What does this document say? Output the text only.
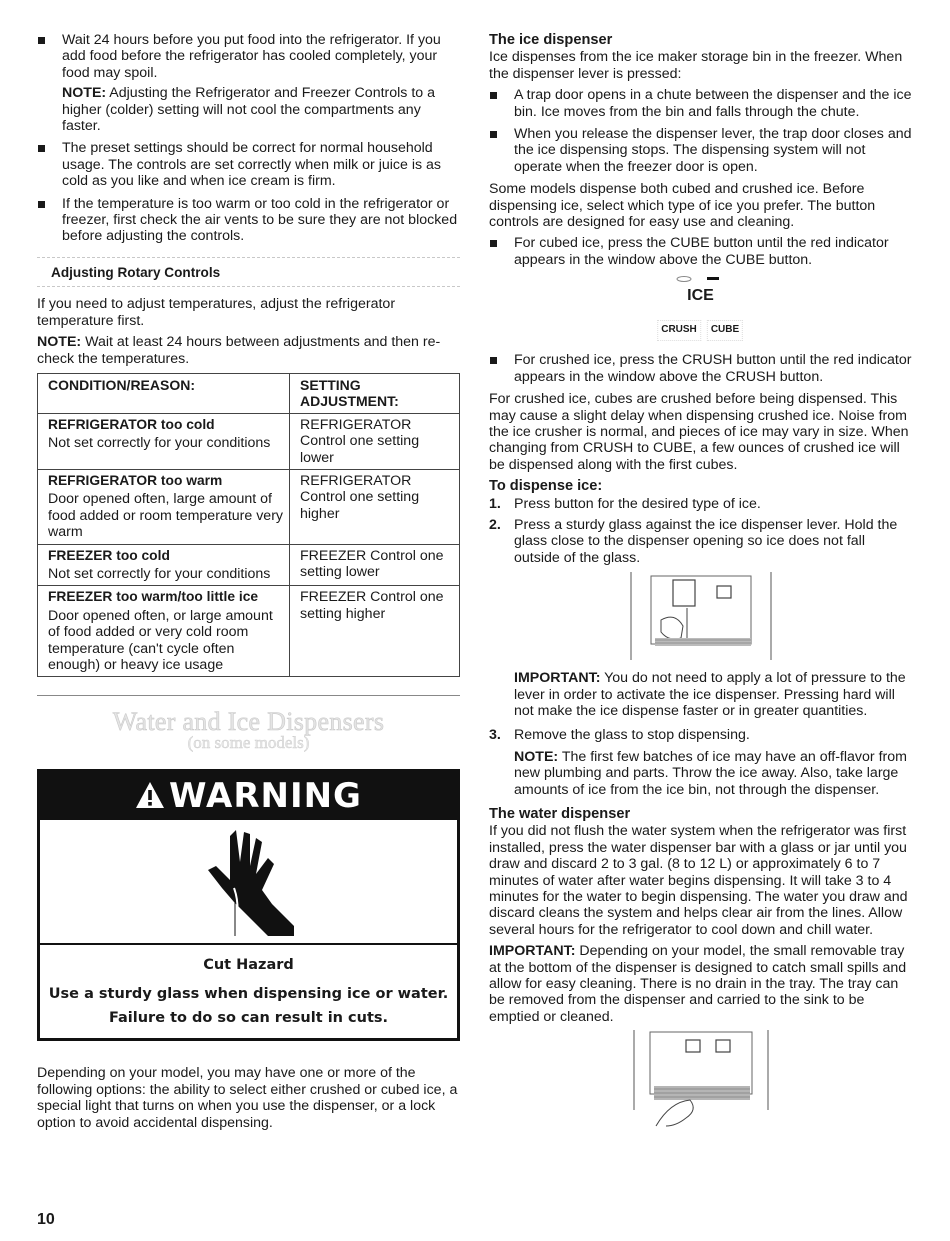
Wait 24 hours before you put food into the refrigerator. If you add food before the refrigerator has cooled completely, your food may spoil.

NOTE: Adjusting the Refrigerator and Freezer Controls to a higher (colder) setting will not cool the compartments any faster.

The preset settings should be correct for normal household usage. The controls are set correctly when milk or juice is as cold as you like and when ice cream is firm.
If the temperature is too warm or too cold in the refrigerator or freezer, first check the air vents to be sure they are not blocked before adjusting the controls.
Adjusting Rotary Controls

If you need to adjust temperatures, adjust the refrigerator temperature first.

NOTE: Wait at least 24 hours between adjustments and then re-check the temperatures.

CONDITION/REASON:	SETTING ADJUSTMENT:

REFRIGERATOR too cold
Not set correctly for your conditions	REFRIGERATOR Control one setting lower

REFRIGERATOR too warm
Door opened often, large amount of food added or room temperature very warm	REFRIGERATOR Control one setting higher

FREEZER too cold
Not set correctly for your conditions	FREEZER Control one setting lower

FREEZER too warm/too little ice
Door opened often, or large amount of food added or very cold room temperature (can't cycle often enough) or heavy ice usage	FREEZER Control one setting higher
Water and Ice Dispensers
(on some models)
WARNING
Cut Hazard
Use a sturdy glass when dispensing ice or water.
Failure to do so can result in cuts.

Depending on your model, you may have one or more of the following options: the ability to select either crushed or cubed ice, a special light that turns on when you use the dispenser, or a lock option to avoid accidental dispensing.

The ice dispenser

Ice dispenses from the ice maker storage bin in the freezer. When the dispenser lever is pressed:

A trap door opens in a chute between the dispenser and the ice bin. Ice moves from the bin and falls through the chute.
When you release the dispenser lever, the trap door closes and the ice dispensing stops. The dispensing system will not operate when the freezer door is open.

Some models dispense both cubed and crushed ice. Before dispensing ice, select which type of ice you prefer. The button controls are designed for easy use and cleaning.

For cubed ice, press the CUBE button until the red indicator appears in the window above the CUBE button.
ICE
CRUSH	CUBE
For crushed ice, press the CRUSH button until the red indicator appears in the window above the CRUSH button.

For crushed ice, cubes are crushed before being dispensed. This may cause a slight delay when dispensing crushed ice. Noise from the ice crusher is normal, and pieces of ice may vary in size. When changing from CRUSH to CUBE, a few ounces of crushed ice will be dispensed along with the first cubes.

To dispense ice:
1. Press button for the desired type of ice.
2. Press a sturdy glass against the ice dispenser lever. Hold the glass close to the dispenser opening so ice does not fall outside of the glass.

IMPORTANT: You do not need to apply a lot of pressure to the lever in order to activate the ice dispenser. Pressing hard will not make the ice dispense faster or in greater quantities.

3. Remove the glass to stop dispensing.

NOTE: The first few batches of ice may have an off-flavor from new plumbing and parts. Throw the ice away. Also, take large amounts of ice from the ice bin, not through the dispenser.

The water dispenser

If you did not flush the water system when the refrigerator was first installed, press the water dispenser bar with a glass or jar until you draw and discard 2 to 3 gal. (8 to 12 L) or approximately 6 to 7 minutes of water after water begins dispensing. It will take 3 to 4 minutes for the water to begin dispensing. The water you draw and discard cleans the system and helps clear air from the lines. Allow several hours for the refrigerator to cool down and chill water.

IMPORTANT: Depending on your model, the small removable tray at the bottom of the dispenser is designed to catch small spills and allow for easy cleaning. There is no drain in the tray. The tray can be removed from the dispenser and carried to the sink to be emptied or cleaned.

10
